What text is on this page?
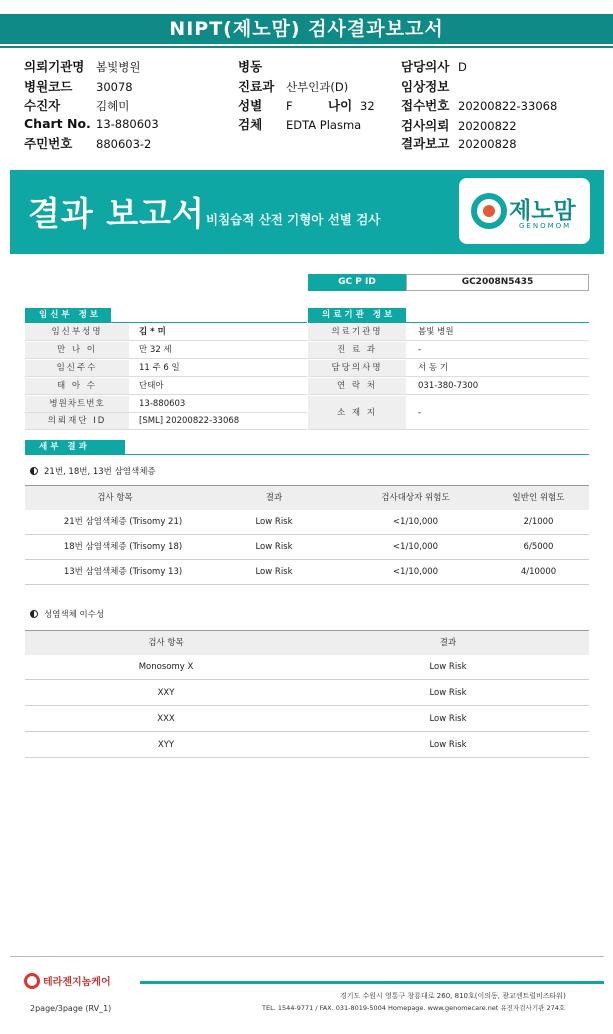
NIPT(제노맘) 검사결과보고서
의뢰기관명 봄빛병원
병원코드 30078
수진자	김혜미
Chart No. 13-880603
주민번호 880603-2
병동
진료과 산부인과(D)
성별 F	나이 32
검체 EDTA Plasma
담당의사 D
임상정보
접수번호 20200822-33068
검사의뢰 20200822
결과보고 20200828
결과 보고서 비침습적 산전 기형아 선별 검사	제노맘
GENOMOM
GC P ID	GC2008N5435
임신부 정보
임신부성명	김 * 미
만 나 이	만 32 세
임신주수	11 주 6 일
태 아 수	단태아
병원차트번호	13-880603
의뢰재단 ID	[SML] 20200822-33068
의료기관 정보
의료기관명	봄빛 병원
진 료 과	-
담당의사명	서 동 기
연 락 처	031-380-7300
소 재 지	-
세부 결과
21번, 18번, 13번 삼염색체증
검사 항목	결과	검사대상자 위험도	일반인 위험도
21번 삼염색체증 (Trisomy 21)	Low Risk	<1/10,000	2/1000
18번 삼염색체증 (Trisomy 18)	Low Risk	<1/10,000	6/5000
13번 삼염색체증 (Trisomy 13)	Low Risk	<1/10,000	4/10000
성염색체 이수성
검사 항목	결과
Monosomy X	Low Risk
XXY	Low Risk
XXX	Low Risk
XYY	Low Risk
테라젠지놈케어
2page/3page (RV_1)
경기도 수원시 영통구 창룡대로 260, 810호(이의동, 광교센트럴비즈타워)
TEL. 1544-9771 / FAX. 031-8019-5004 Homepage. www.genomecare.net 유전자검사기관 274호
